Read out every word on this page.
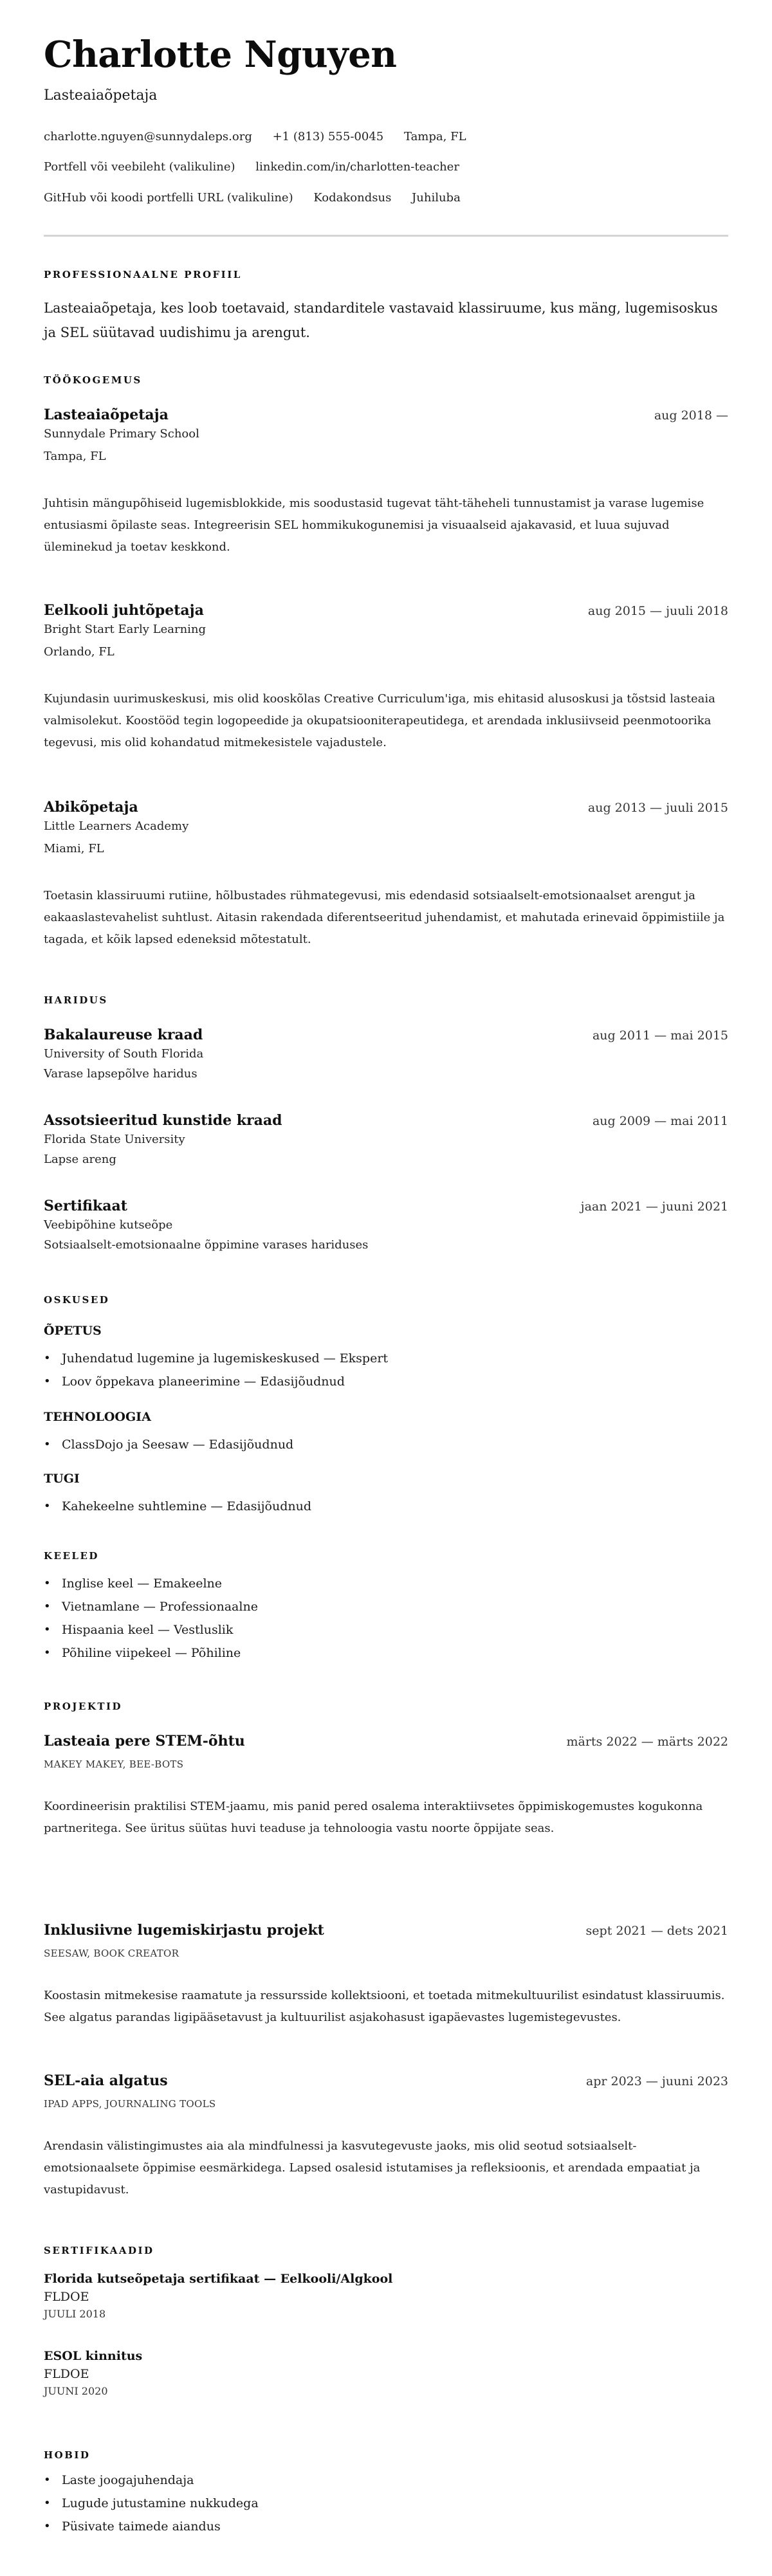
Charlotte Nguyen
Lasteaiaõpetaja
charlotte.nguyen@sunnydaleps.org +1 (813) 555-0045 Tampa, FL
Portfell või veebileht (valikuline) linkedin.com/in/charlotten-teacher
GitHub või koodi portfelli URL (valikuline) Kodakondsus Juhiluba
PROFESSIONAALNE PROFIIL
Lasteaiaõpetaja, kes loob toetavaid, standarditele vastavaid klassiruume, kus mäng, lugemisoskus ja SEL süütavad uudishimu ja arengut.
TÖÖKOGEMUS
Lasteaiaõpetaja	aug 2018 —
Sunnydale Primary School
Tampa, FL
Juhtisin mängupõhiseid lugemisblokkide, mis soodustasid tugevat täht-täheheli tunnustamist ja varase lugemise entusiasmi õpilaste seas. Integreerisin SEL hommikukogunemisi ja visuaalseid ajakavasid, et luua sujuvad üleminekud ja toetav keskkond.
Eelkooli juhtõpetaja	aug 2015 — juuli 2018
Bright Start Early Learning
Orlando, FL
Kujundasin uurimuskeskusi, mis olid kooskõlas Creative Curriculum'iga, mis ehitasid alusoskusi ja tõstsid lasteaia valmisolekut. Koostööd tegin logopeedide ja okupatsiooniterapeutidega, et arendada inklusiivseid peenmotoorika tegevusi, mis olid kohandatud mitmekesistele vajadustele.
Abikõpetaja	aug 2013 — juuli 2015
Little Learners Academy
Miami, FL
Toetasin klassiruumi rutiine, hõlbustades rühmategevusi, mis edendasid sotsiaalselt-emotsionaalset arengut ja eakaaslastevahelist suhtlust. Aitasin rakendada diferentseeritud juhendamist, et mahutada erinevaid õppimistiile ja tagada, et kõik lapsed edeneksid mõtestatult.
HARIDUS
Bakalaureuse kraad	aug 2011 — mai 2015
University of South Florida
Varase lapsepõlve haridus
Assotsieeritud kunstide kraad	aug 2009 — mai 2011
Florida State University
Lapse areng
Sertifikaat	jaan 2021 — juuni 2021
Veebipõhine kutseõpe
Sotsiaalselt-emotsionaalne õppimine varases hariduses
OSKUSED
ÕPETUS
• Juhendatud lugemine ja lugemiskeskused — Ekspert
• Loov õppekava planeerimine — Edasijõudnud
TEHNOLOOGIA
• ClassDojo ja Seesaw — Edasijõudnud
TUGI
• Kahekeelne suhtlemine — Edasijõudnud
KEELED
• Inglise keel — Emakeelne
• Vietnamlane — Professionaalne
• Hispaania keel — Vestluslik
• Põhiline viipekeel — Põhiline
PROJEKTID
Lasteaia pere STEM-õhtu	märts 2022 — märts 2022
MAKEY MAKEY, BEE-BOTS
Koordineerisin praktilisi STEM-jaamu, mis panid pered osalema interaktiivsetes õppimiskogemustes kogukonna partneritega. See üritus süütas huvi teaduse ja tehnoloogia vastu noorte õppijate seas.
Inklusiivne lugemiskirjastu projekt	sept 2021 — dets 2021
SEESAW, BOOK CREATOR
Koostasin mitmekesise raamatute ja ressursside kollektsiooni, et toetada mitmekultuurilist esindatust klassiruumis. See algatus parandas ligipääsetavust ja kultuurilist asjakohasust igapäevastes lugemistegevustes.
SEL-aia algatus	apr 2023 — juuni 2023
IPAD APPS, JOURNALING TOOLS
Arendasin välistingimustes aia ala mindfulnessi ja kasvutegevuste jaoks, mis olid seotud sotsiaalselt-emotsionaalsete õppimise eesmärkidega. Lapsed osalesid istutamises ja refleksioonis, et arendada empaatiat ja vastupidavust.
SERTIFIKAADID
Florida kutseõpetaja sertifikaat — Eelkooli/Algkool
FLDOE
JUULI 2018
ESOL kinnitus
FLDOE
JUUNI 2020
HOBID
• Laste joogajuhendaja
• Lugude jutustamine nukkudega
• Püsivate taimede aiandus
